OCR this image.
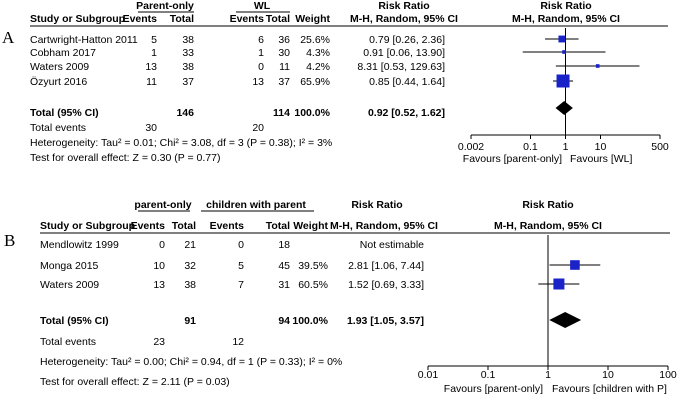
A
Parent-only	WL	Risk Ratio	Risk Ratio
Study or Subgroup
Events Total	Events Total Weight M-H, Random, 95% CI	M-H, Random, 95% CI
Cartwright-Hatton 2011 5 38	6 36 25.6%	0.79 [0.26, 2.36]
Cobham 2017	1 33	1 30 4.3%	0.91 [0.06, 13.90]
Waters 2009	13 38	0 11 4.2%	8.31 [0.53, 129.63]
Özyurt 2016	11 37	13 37 65.9%	0.85 [0.44, 1.64]
Total (95% CI)	146	114 100.0%	0.92 [0.52, 1.62]
Total events	30	20
Heterogeneity: Tau² = 0.01; Chi² = 3.08, df = 3 (P = 0.38); I² = 3%
Test for overall effect: Z = 0.30 (P = 0.77)
0.002	0.1 1 10	500
Favours [parent-only] Favours [WL]
B
parent-only children with parent	Risk Ratio	Risk Ratio
Study or Subgroup
Events Total Events Total Weight M-H, Random, 95% CI	M-H, Random, 95% CI
Mendlowitz 1999	0 21	0	18	Not estimable
Monga 2015	10 32	5	45 39.5% 2.81 [1.06, 7.44]
Waters 2009	13 38	7	31 60.5% 1.52 [0.69, 3.33]
Total (95% CI)	91	94 100.0% 1.93 [1.05, 3.57]
Total events	23	12
Heterogeneity: Tau² = 0.00; Chi² = 0.94, df = 1 (P = 0.33); I² = 0%
Test for overall effect: Z = 2.11 (P = 0.03)
0.01	0.1	1	10	100
Favours [parent-only] Favours [children with P]
